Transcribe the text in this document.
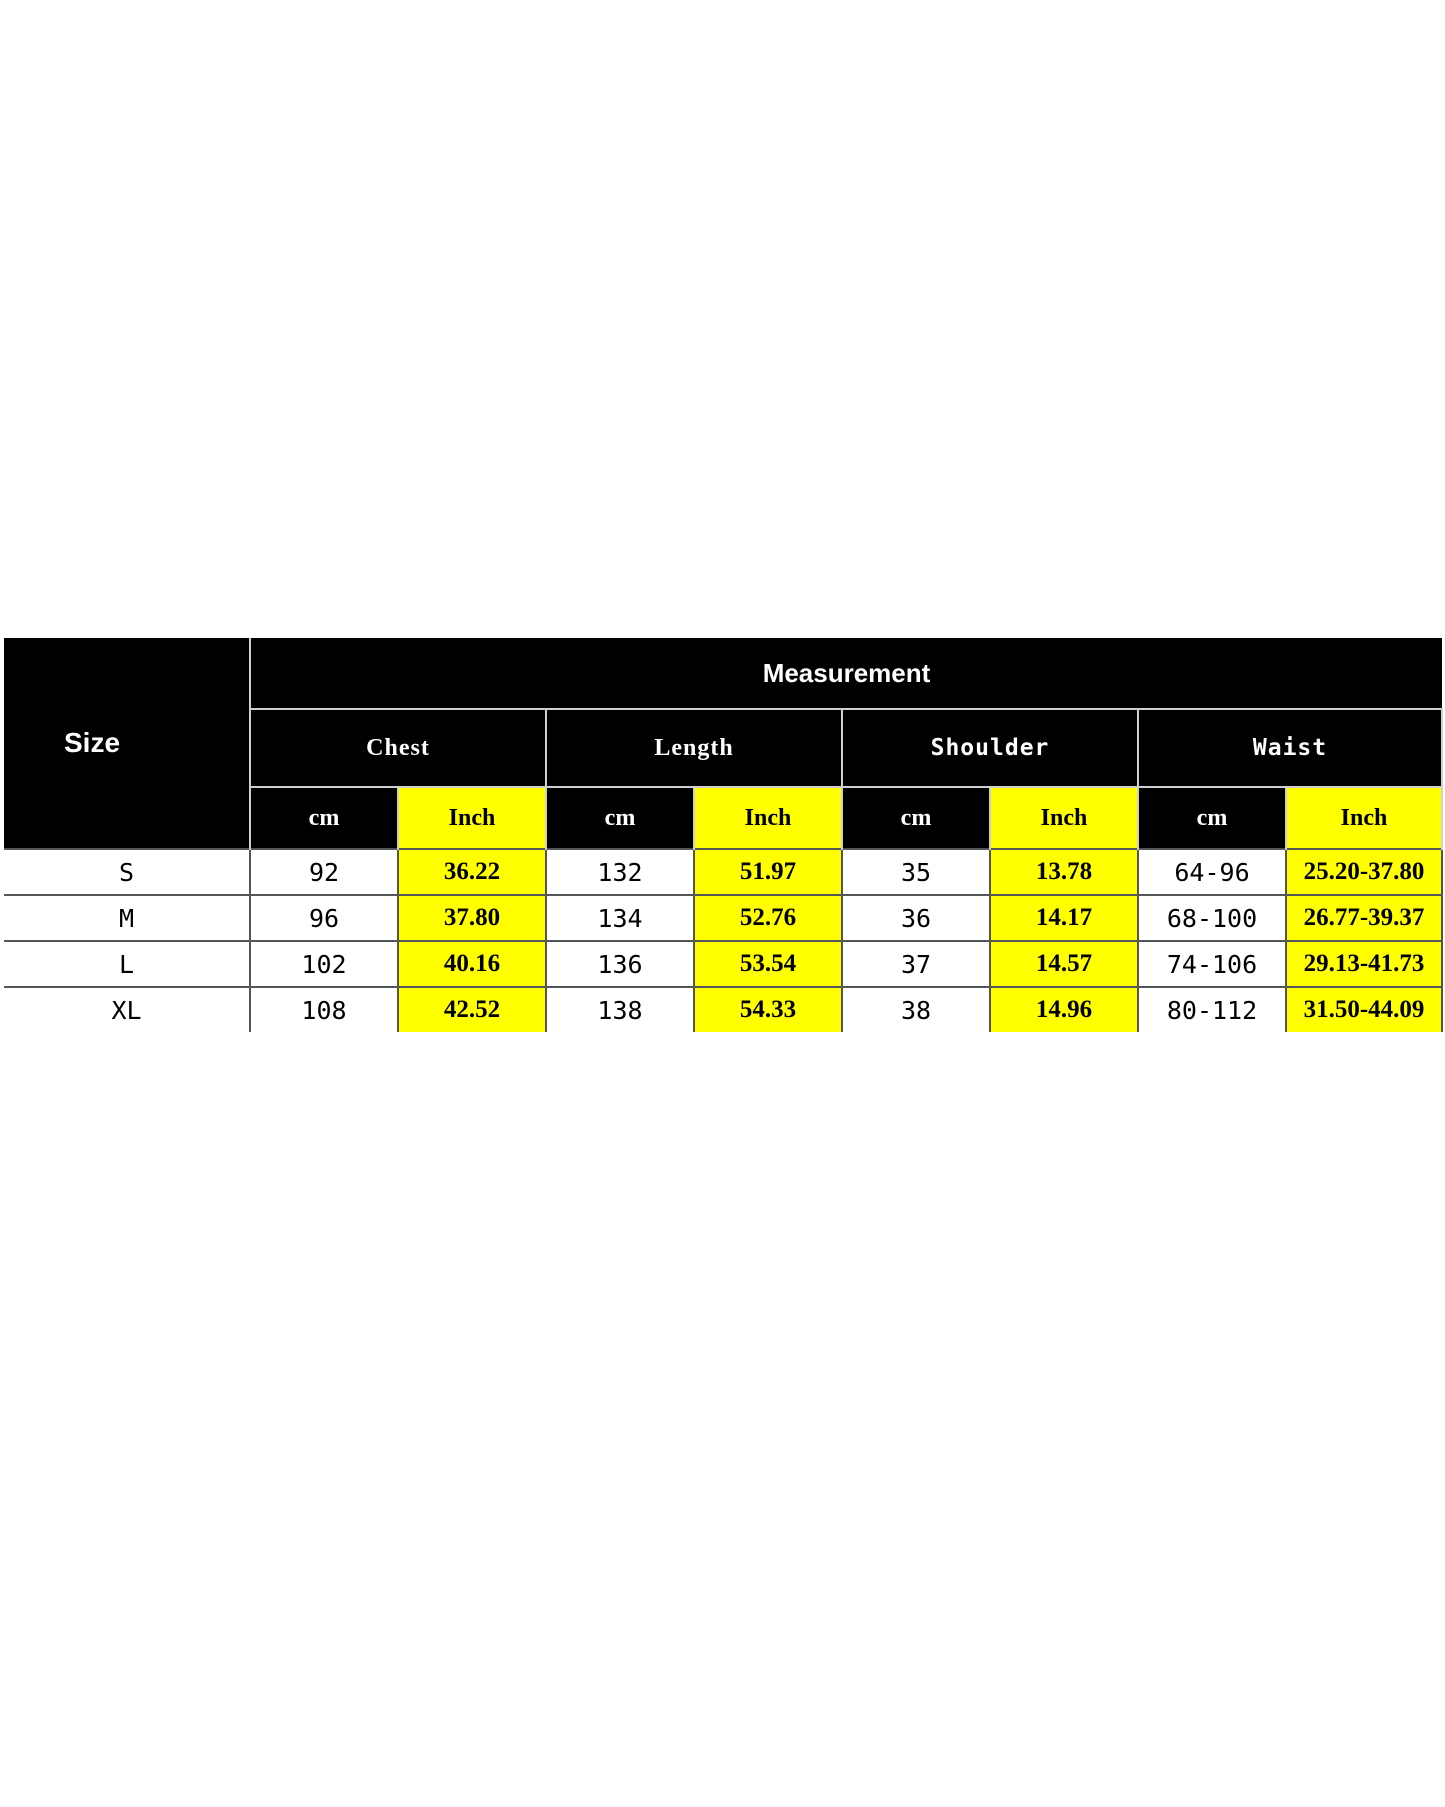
Size	Measurement							
	Chest		Length		Shoulder		Waist	
	cm	Inch	cm	Inch	cm	Inch	cm	Inch
S	92	36.22	132	51.97	35	13.78	64-96	25.20-37.80
M	96	37.80	134	52.76	36	14.17	68-100	26.77-39.37
L	102	40.16	136	53.54	37	14.57	74-106	29.13-41.73
XL	108	42.52	138	54.33	38	14.96	80-112	31.50-44.09
